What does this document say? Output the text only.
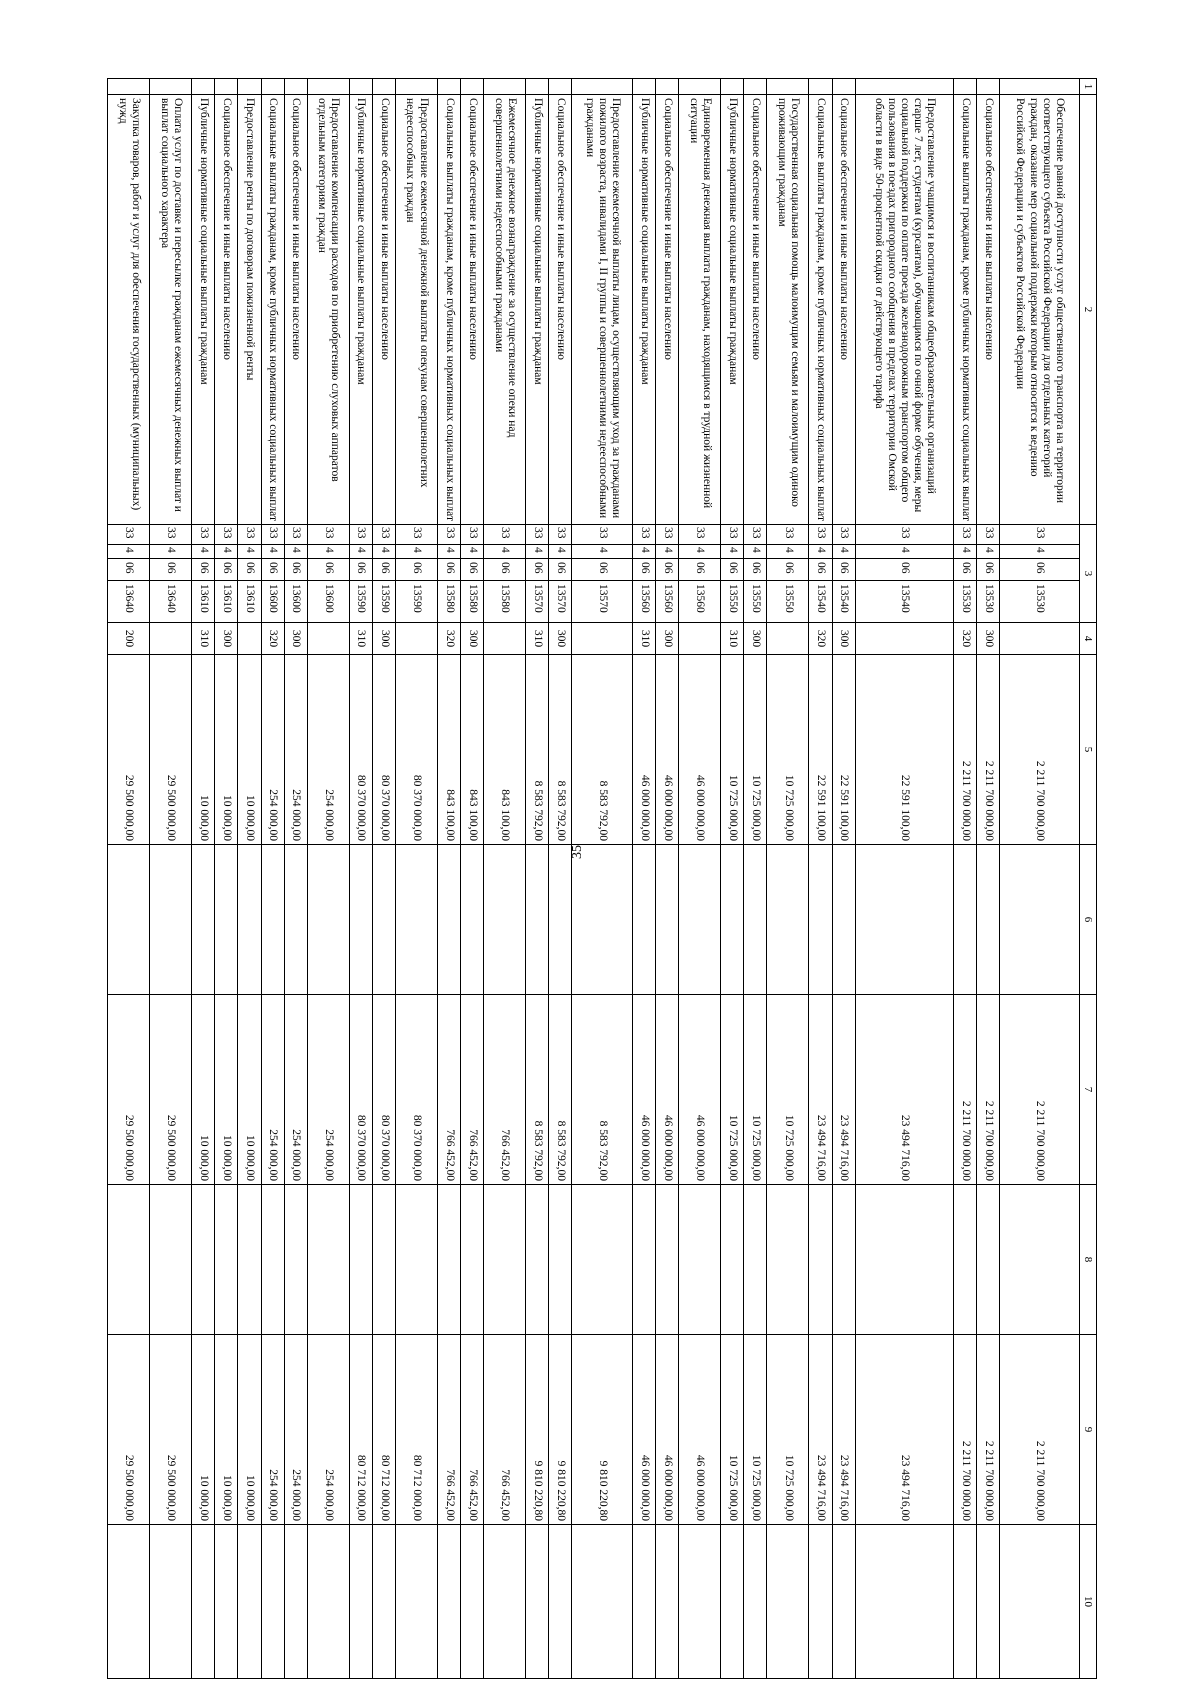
35
1	2	3				4	5	6	7	8	9	10
	Обеспечение равной доступности услуг общественного транспорта на территории соответствующего субъекта Российской Федерации для отдельных категорий граждан, оказание мер социальной поддержки которым относится к ведению Российской Федерации и субъектов Российской Федерации	33	4	06	13530		2 211 700 000,00		2 211 700 000,00		2 211 700 000,00	
	Социальное обеспечение и иные выплаты населению	33	4	06	13530	300	2 211 700 000,00		2 211 700 000,00		2 211 700 000,00	
	Социальные выплаты гражданам, кроме публичных нормативных социальных выплат	33	4	06	13530	320	2 211 700 000,00		2 211 700 000,00		2 211 700 000,00	
	Предоставление учащимся и воспитанникам общеобразовательных организаций старше 7 лет, студентам (курсантам), обучающимся по очной форме обучения, меры социальной поддержки по оплате проезда железнодорожным транспортом общего пользования в поездах пригородного сообщения в пределах территории Омской области в виде 50-процентной скидки от действующего тарифа	33	4	06	13540		22 591 100,00		23 494 716,00		23 494 716,00	
	Социальное обеспечение и иные выплаты населению	33	4	06	13540	300	22 591 100,00		23 494 716,00		23 494 716,00	
	Социальные выплаты гражданам, кроме публичных нормативных социальных выплат	33	4	06	13540	320	22 591 100,00		23 494 716,00		23 494 716,00	
	Государственная социальная помощь малоимущим семьям и малоимущим одиноко проживающим гражданам	33	4	06	13550		10 725 000,00		10 725 000,00		10 725 000,00	
	Социальное обеспечение и иные выплаты населению	33	4	06	13550	300	10 725 000,00		10 725 000,00		10 725 000,00	
	Публичные нормативные социальные выплаты гражданам	33	4	06	13550	310	10 725 000,00		10 725 000,00		10 725 000,00	
	Единовременная денежная выплата гражданам, находящимся в трудной жизненной ситуации	33	4	06	13560		46 000 000,00		46 000 000,00		46 000 000,00	
	Социальное обеспечение и иные выплаты населению	33	4	06	13560	300	46 000 000,00		46 000 000,00		46 000 000,00	
	Публичные нормативные социальные выплаты гражданам	33	4	06	13560	310	46 000 000,00		46 000 000,00		46 000 000,00	
	Предоставление ежемесячной выплаты лицам, осуществляющим уход за гражданами пожилого возраста, инвалидами I, II группы и совершеннолетними недееспособными гражданами	33	4	06	13570		8 583 792,00		8 583 792,00		9 810 220,80	
	Социальное обеспечение и иные выплаты населению	33	4	06	13570	300	8 583 792,00		8 583 792,00		9 810 220,80	
	Публичные нормативные социальные выплаты гражданам	33	4	06	13570	310	8 583 792,00		8 583 792,00		9 810 220,80	
	Ежемесячное денежное вознаграждение за осуществление опеки над совершеннолетними недееспособными гражданами	33	4	06	13580		843 100,00		766 452,00		766 452,00	
	Социальное обеспечение и иные выплаты населению	33	4	06	13580	300	843 100,00		766 452,00		766 452,00	
	Социальные выплаты гражданам, кроме публичных нормативных социальных выплат	33	4	06	13580	320	843 100,00		766 452,00		766 452,00	
	Предоставление ежемесячной денежной выплаты опекунам совершеннолетних недееспособных граждан	33	4	06	13590		80 370 000,00		80 370 000,00		80 712 000,00	
	Социальное обеспечение и иные выплаты населению	33	4	06	13590	300	80 370 000,00		80 370 000,00		80 712 000,00	
	Публичные нормативные социальные выплаты гражданам	33	4	06	13590	310	80 370 000,00		80 370 000,00		80 712 000,00	
	Предоставление компенсации расходов по приобретению слуховых аппаратов отдельным категориям граждан	33	4	06	13600		254 000,00		254 000,00		254 000,00	
	Социальное обеспечение и иные выплаты населению	33	4	06	13600	300	254 000,00		254 000,00		254 000,00	
	Социальные выплаты гражданам, кроме публичных нормативных социальных выплат	33	4	06	13600	320	254 000,00		254 000,00		254 000,00	
	Предоставление ренты по договорам пожизненной ренты	33	4	06	13610		10 000,00		10 000,00		10 000,00	
	Социальное обеспечение и иные выплаты населению	33	4	06	13610	300	10 000,00		10 000,00		10 000,00	
	Публичные нормативные социальные выплаты гражданам	33	4	06	13610	310	10 000,00		10 000,00		10 000,00	
	Оплата услуг по доставке и пересылке гражданам ежемесячных денежных выплат и выплат социального характера	33	4	06	13640		29 500 000,00		29 500 000,00		29 500 000,00	
	Закупка товаров, работ и услуг для обеспечения государственных (муниципальных) нужд	33	4	06	13640	200	29 500 000,00		29 500 000,00		29 500 000,00	
